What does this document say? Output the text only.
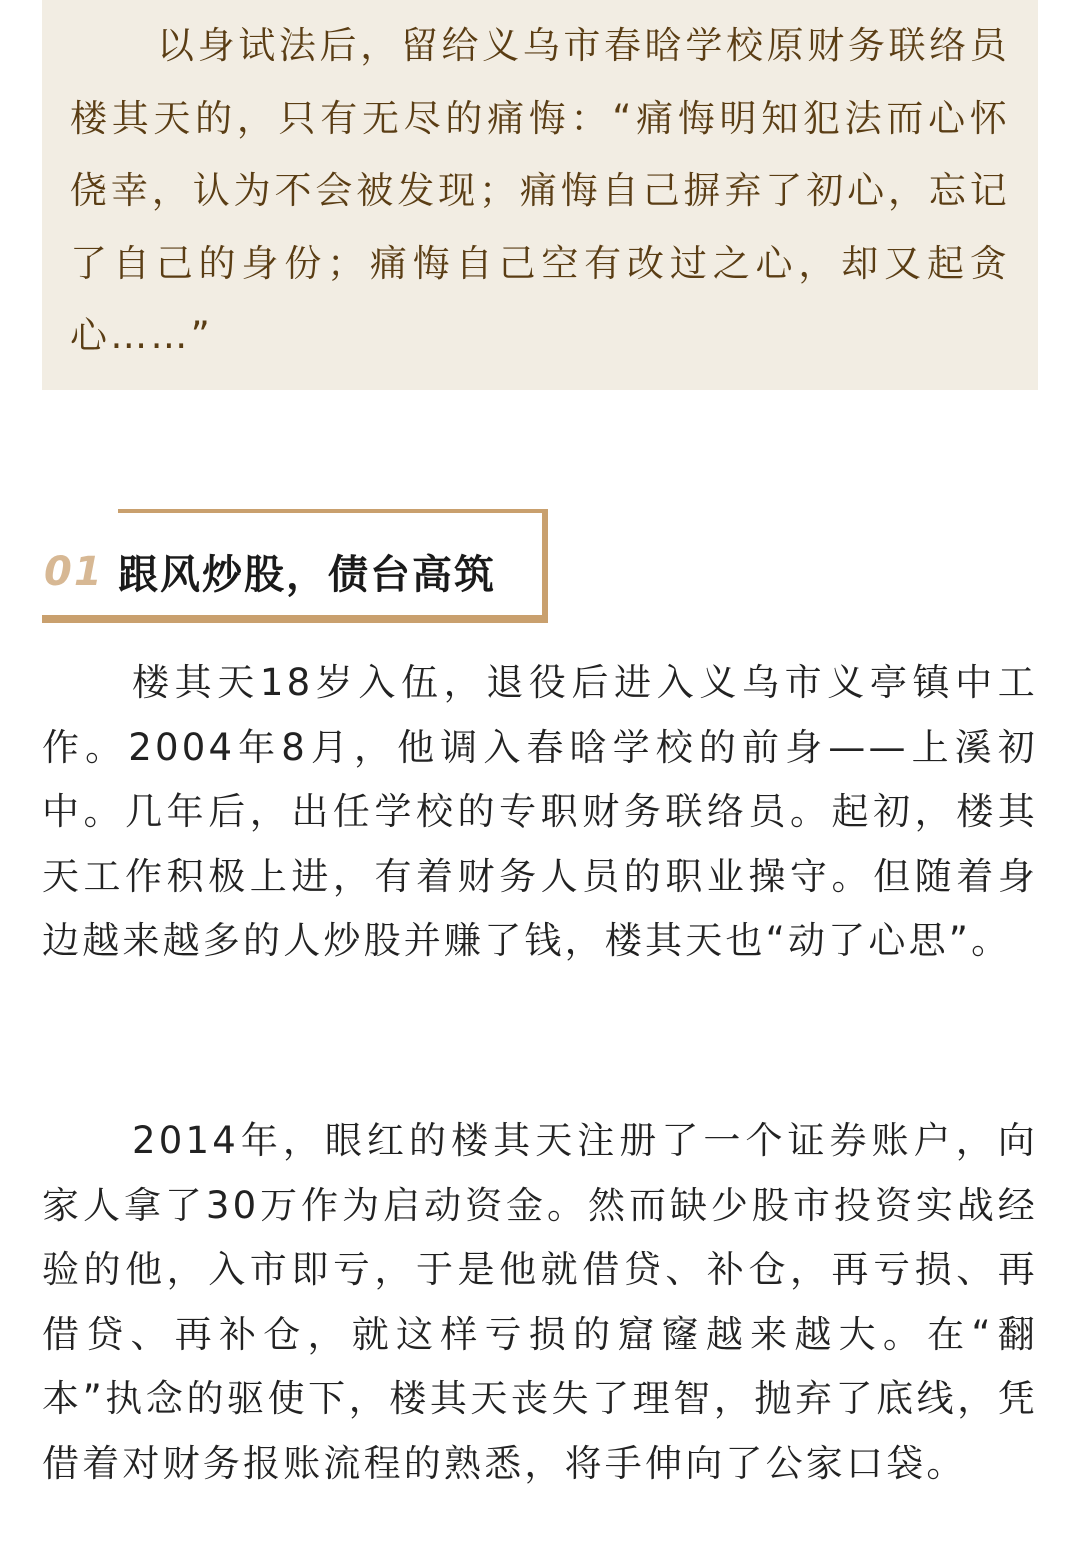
以身试法后，留给义乌市春晗学校原财务联络员楼其天的，只有无尽的痛悔：“痛悔明知犯法而心怀侥幸，认为不会被发现；痛悔自己摒弃了初心，忘记了自己的身份；痛悔自己空有改过之心，却又起贪心……”

01 跟风炒股，债台高筑

楼其天18岁入伍，退役后进入义乌市义亭镇中工作。2004年8月，他调入春晗学校的前身——上溪初中。几年后，出任学校的专职财务联络员。起初，楼其天工作积极上进，有着财务人员的职业操守。但随着身边越来越多的人炒股并赚了钱，楼其天也“动了心思”。

2014年，眼红的楼其天注册了一个证券账户，向家人拿了30万作为启动资金。然而缺少股市投资实战经验的他，入市即亏，于是他就借贷、补仓，再亏损、再借贷、再补仓，就这样亏损的窟窿越来越大。在“翻本”执念的驱使下，楼其天丧失了理智，抛弃了底线，凭借着对财务报账流程的熟悉，将手伸向了公家口袋。
